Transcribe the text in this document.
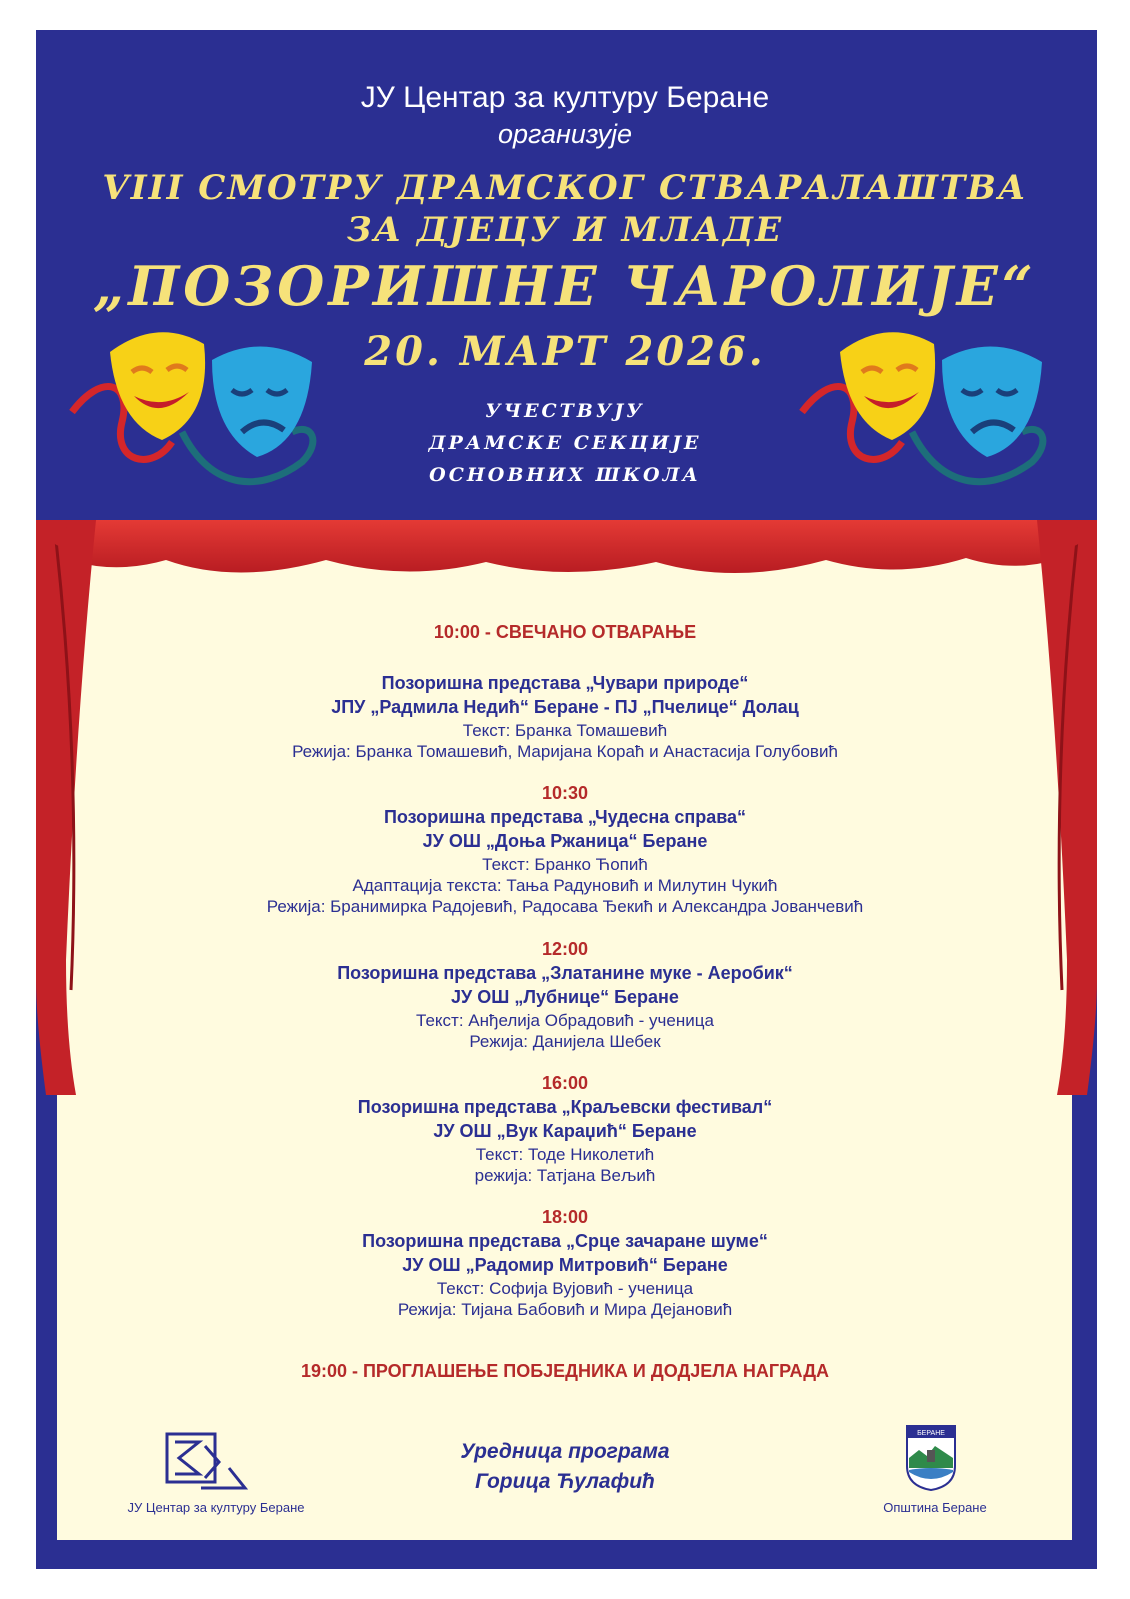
ЈУ Центар за културу Беране
организује
VIII СМОТРУ ДРАМСКОГ СТВАРАЛАШТВА
ЗА ДЈЕЦУ И МЛАДЕ
„ПОЗОРИШНЕ ЧАРОЛИЈЕ“
20. МАРТ 2026.
УЧЕСТВУЈУ
ДРАМСКЕ СЕКЦИЈЕ
ОСНОВНИХ ШКОЛА
10:00 - СВЕЧАНО ОТВАРАЊЕ
Позоришна представа „Чувари природе“
ЈПУ „Радмила Недић“ Беране - ПЈ „Пчелице“ Долац
Текст: Бранка Томашевић
Режија: Бранка Томашевић, Маријана Кораћ и Анастасија Голубовић
10:30
Позоришна представа „Чудесна справа“
ЈУ ОШ „Доња Ржаница“ Беране
Текст: Бранко Ћопић
Адаптација текста: Тања Радуновић и Милутин Чукић
Режија: Бранимирка Радојевић, Радосава Ђекић и Александра Јованчевић
12:00
Позоришна представа „Златанине муке - Аеробик“
ЈУ ОШ „Лубнице“ Беране
Текст: Анђелија Обрадовић - ученица
Режија: Данијела Шебек
16:00
Позоришна представа „Краљевски фестивал“
ЈУ ОШ „Вук Караџић“ Беране
Текст: Тоде Николетић
режија: Татјана Вељић
18:00
Позоришна представа „Срце зачаране шуме“
ЈУ ОШ „Радомир Митровић“ Беране
Текст: Софија Вујовић - ученица
Режија: Тијана Бабовић и Мира Дејановић
19:00 - ПРОГЛАШЕЊЕ ПОБЈЕДНИКА И ДОДЈЕЛА НАГРАДА
ЈУ Центар за културу Беране
Уредница програма
Горица Ћулафић
БЕРАНЕ
Општина Беране
